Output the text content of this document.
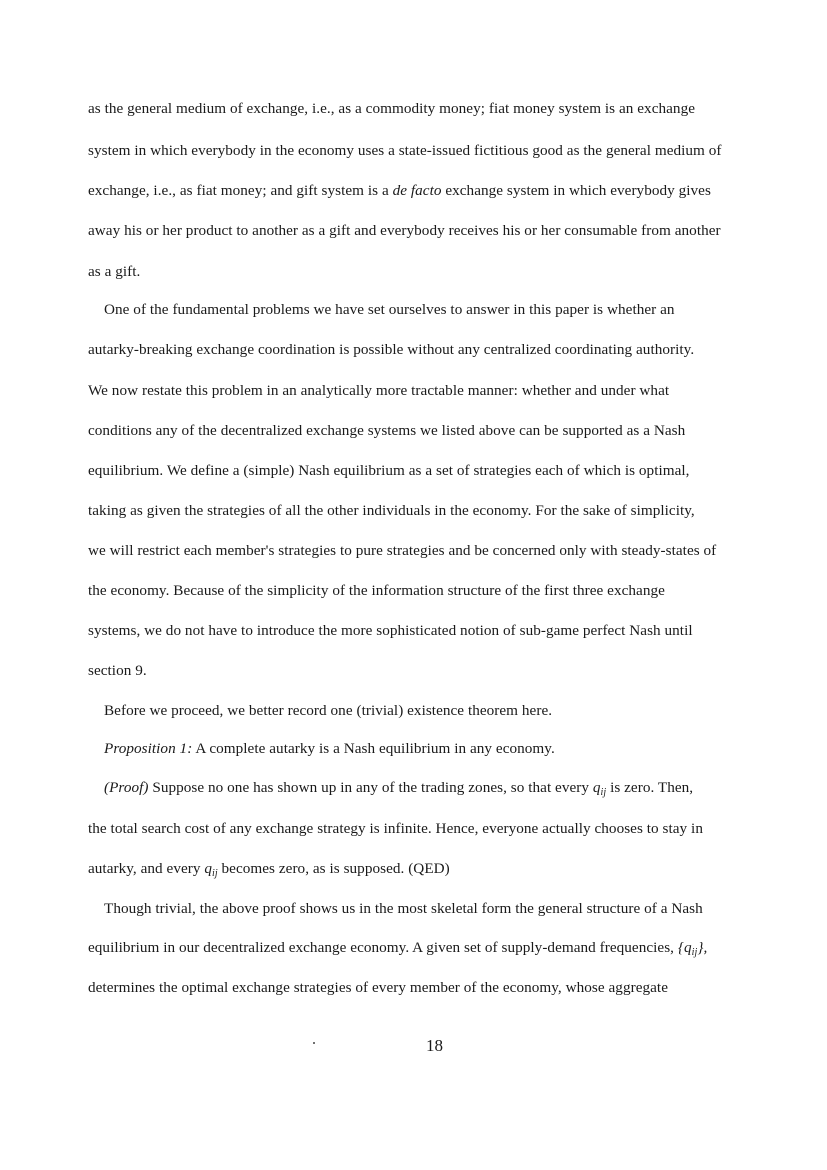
as the general medium of exchange, i.e., as a commodity money; fiat money system is an exchange
system in which everybody in the economy uses a state-issued fictitious good as the general medium of
exchange, i.e., as fiat money; and gift system is a de facto exchange system in which everybody gives
away his or her product to another as a gift and everybody receives his or her consumable from another
as a gift.
One of the fundamental problems we have set ourselves to answer in this paper is whether an
autarky-breaking exchange coordination is possible without any centralized coordinating authority.
We now restate this problem in an analytically more tractable manner: whether and under what
conditions any of the decentralized exchange systems we listed above can be supported as a Nash
equilibrium. We define a (simple) Nash equilibrium as a set of strategies each of which is optimal,
taking as given the strategies of all the other individuals in the economy. For the sake of simplicity,
we will restrict each member's strategies to pure strategies and be concerned only with steady-states of
the economy. Because of the simplicity of the information structure of the first three exchange
systems, we do not have to introduce the more sophisticated notion of sub-game perfect Nash until
section 9.
Before we proceed, we better record one (trivial) existence theorem here.
Proposition 1: A complete autarky is a Nash equilibrium in any economy.
(Proof) Suppose no one has shown up in any of the trading zones, so that every $q_{ij}$ is zero. Then,
the total search cost of any exchange strategy is infinite. Hence, everyone actually chooses to stay in
autarky, and every $q_{ij}$ becomes zero, as is supposed. (QED)
Though trivial, the above proof shows us in the most skeletal form the general structure of a Nash
equilibrium in our decentralized exchange economy. A given set of supply-demand frequencies, $\{q_{ij}\}$,
determines the optimal exchange strategies of every member of the economy, whose aggregate
18
